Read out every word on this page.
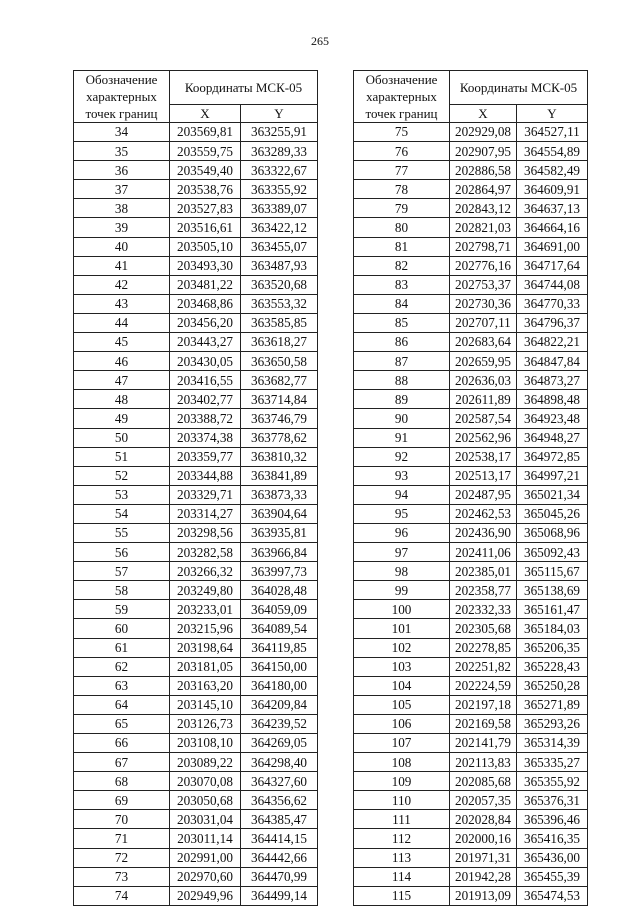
265
Обозначение характерных точек границ	Координаты МСК-05	
	X	Y
34	203569,81	363255,91
35	203559,75	363289,33
36	203549,40	363322,67
37	203538,76	363355,92
38	203527,83	363389,07
39	203516,61	363422,12
40	203505,10	363455,07
41	203493,30	363487,93
42	203481,22	363520,68
43	203468,86	363553,32
44	203456,20	363585,85
45	203443,27	363618,27
46	203430,05	363650,58
47	203416,55	363682,77
48	203402,77	363714,84
49	203388,72	363746,79
50	203374,38	363778,62
51	203359,77	363810,32
52	203344,88	363841,89
53	203329,71	363873,33
54	203314,27	363904,64
55	203298,56	363935,81
56	203282,58	363966,84
57	203266,32	363997,73
58	203249,80	364028,48
59	203233,01	364059,09
60	203215,96	364089,54
61	203198,64	364119,85
62	203181,05	364150,00
63	203163,20	364180,00
64	203145,10	364209,84
65	203126,73	364239,52
66	203108,10	364269,05
67	203089,22	364298,40
68	203070,08	364327,60
69	203050,68	364356,62
70	203031,04	364385,47
71	203011,14	364414,15
72	202991,00	364442,66
73	202970,60	364470,99
74	202949,96	364499,14
Обозначение характерных точек границ	Координаты МСК-05	
	X	Y
75	202929,08	364527,11
76	202907,95	364554,89
77	202886,58	364582,49
78	202864,97	364609,91
79	202843,12	364637,13
80	202821,03	364664,16
81	202798,71	364691,00
82	202776,16	364717,64
83	202753,37	364744,08
84	202730,36	364770,33
85	202707,11	364796,37
86	202683,64	364822,21
87	202659,95	364847,84
88	202636,03	364873,27
89	202611,89	364898,48
90	202587,54	364923,48
91	202562,96	364948,27
92	202538,17	364972,85
93	202513,17	364997,21
94	202487,95	365021,34
95	202462,53	365045,26
96	202436,90	365068,96
97	202411,06	365092,43
98	202385,01	365115,67
99	202358,77	365138,69
100	202332,33	365161,47
101	202305,68	365184,03
102	202278,85	365206,35
103	202251,82	365228,43
104	202224,59	365250,28
105	202197,18	365271,89
106	202169,58	365293,26
107	202141,79	365314,39
108	202113,83	365335,27
109	202085,68	365355,92
110	202057,35	365376,31
111	202028,84	365396,46
112	202000,16	365416,35
113	201971,31	365436,00
114	201942,28	365455,39
115	201913,09	365474,53
